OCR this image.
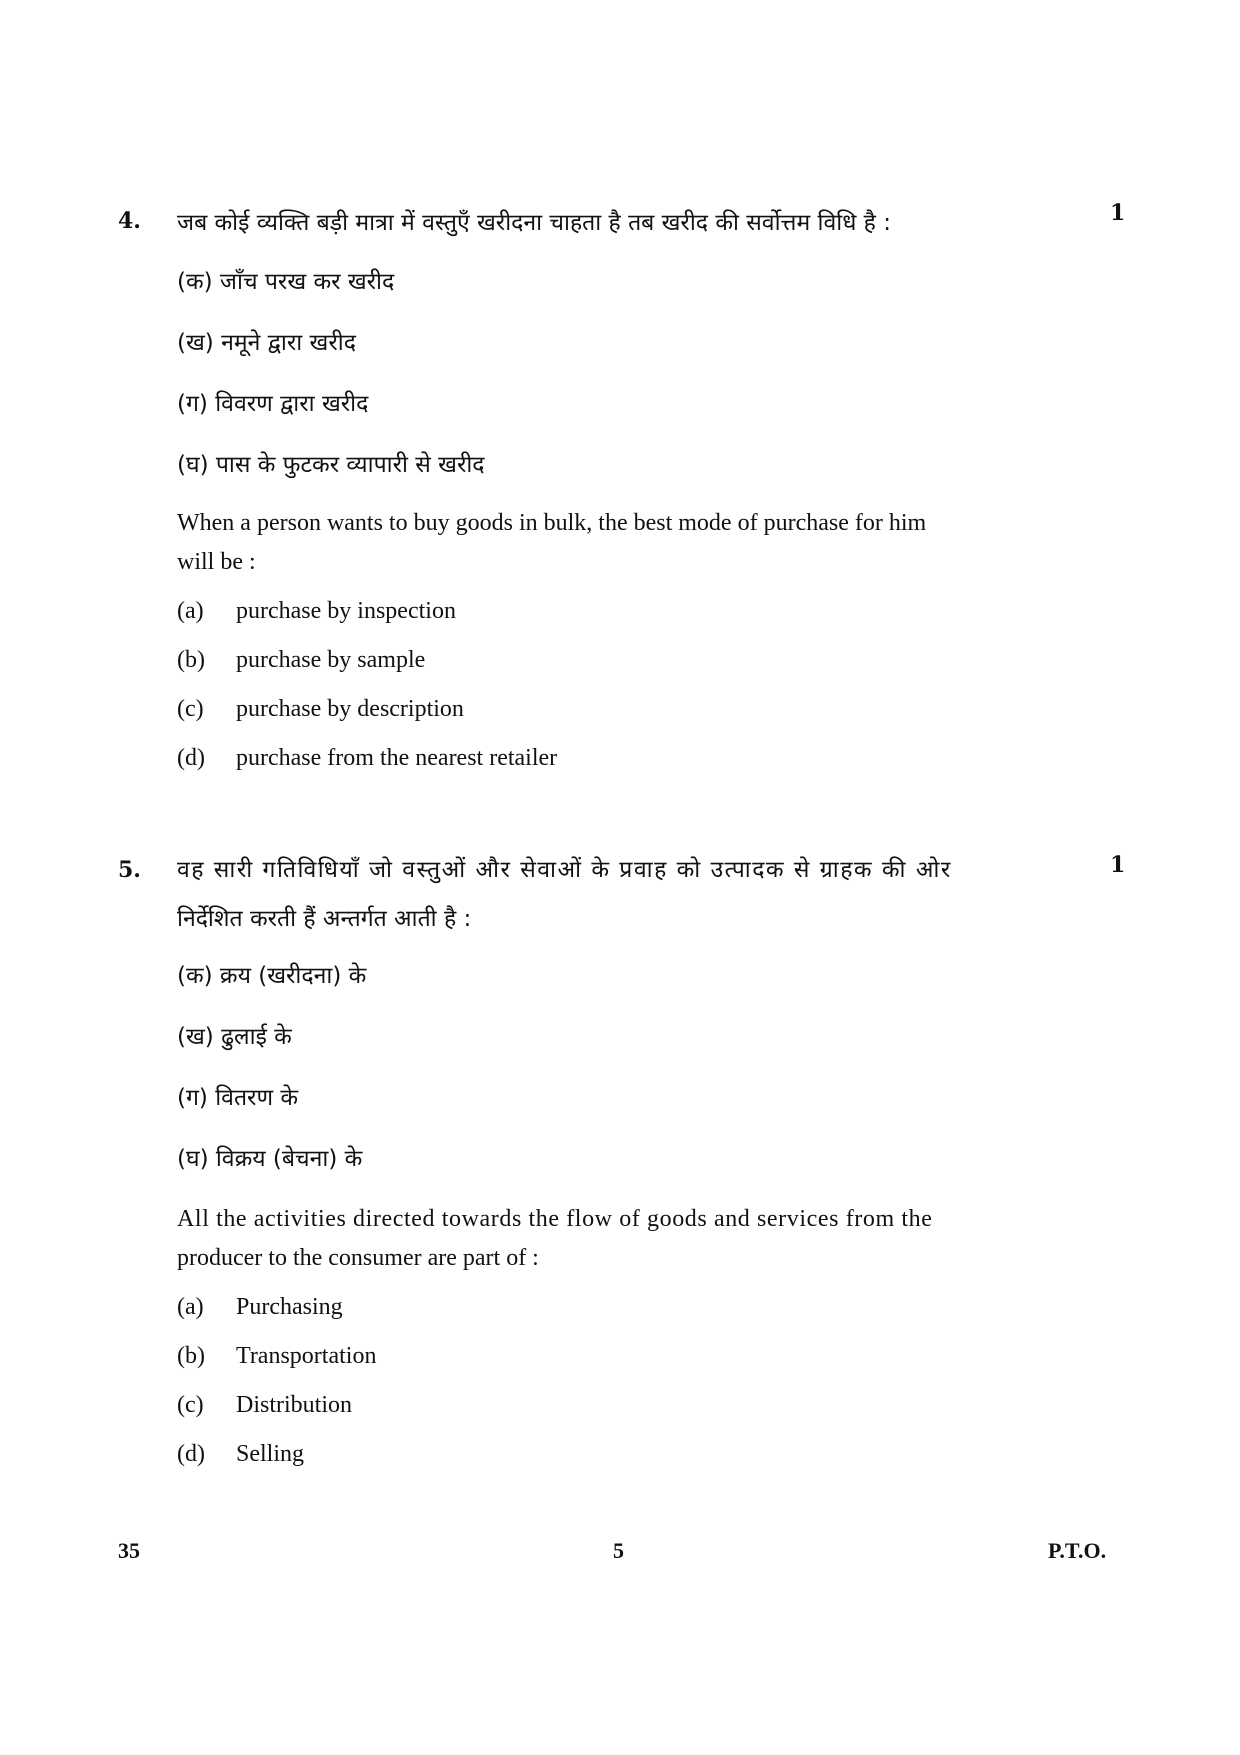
4. जब कोई व्यक्ति बड़ी मात्रा में वस्तुएँ खरीदना चाहता है तब खरीद की सर्वोत्तम विधि है :	1
(क) जाँच परख कर खरीद
(ख) नमूने द्वारा खरीद
(ग) विवरण द्वारा खरीद
(घ) पास के फुटकर व्यापारी से खरीद
When a person wants to buy goods in bulk, the best mode of purchase for him
will be :
(a) purchase by inspection
(b) purchase by sample
(c) purchase by description
(d) purchase from the nearest retailer
5. वह सारी गतिविधियाँ जो वस्तुओं और सेवाओं के प्रवाह को उत्पादक से ग्राहक की ओर	1
निर्देशित करती हैं अन्तर्गत आती है :
(क) क्रय (खरीदना) के
(ख) ढुलाई के
(ग) वितरण के
(घ) विक्रय (बेचना) के
All the activities directed towards the flow of goods and services from the
producer to the consumer are part of :
(a) Purchasing
(b) Transportation
(c) Distribution
(d) Selling
35	5	P.T.O.
